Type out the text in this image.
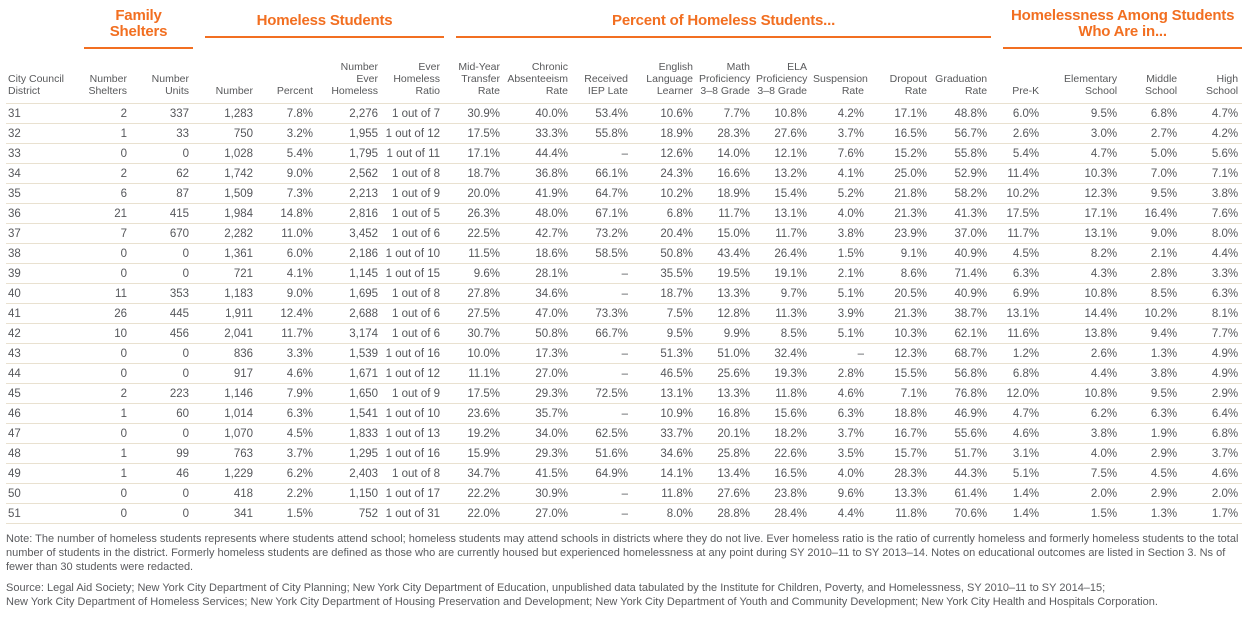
Family Shelters		Homeless Students				Percent of Homeless Students...									Homelessness Among Students Who Are in...			

City Council District	Number Shelters	Number Units	Number	Percent	Number Ever Homeless	Ever Homeless Ratio	Mid-Year Transfer Rate	Chronic Absenteeism Rate	Received IEP Late	English Language Learner	Math Proficiency 3–8 Grade	ELA Proficiency 3–8 Grade	Suspension Rate	Dropout Rate	Graduation Rate	Pre-K	Elementary School	Middle School	High School
31	2	337	1,283	7.8%	2,276	1 out of 7	30.9%	40.0%	53.4%	10.6%	7.7%	10.8%	4.2%	17.1%	48.8%	6.0%	9.5%	6.8%	4.7%
32	1	33	750	3.2%	1,955	1 out of 12	17.5%	33.3%	55.8%	18.9%	28.3%	27.6%	3.7%	16.5%	56.7%	2.6%	3.0%	2.7%	4.2%
33	0	0	1,028	5.4%	1,795	1 out of 11	17.1%	44.4%	–	12.6%	14.0%	12.1%	7.6%	15.2%	55.8%	5.4%	4.7%	5.0%	5.6%
34	2	62	1,742	9.0%	2,562	1 out of 8	18.7%	36.8%	66.1%	24.3%	16.6%	13.2%	4.1%	25.0%	52.9%	11.4%	10.3%	7.0%	7.1%
35	6	87	1,509	7.3%	2,213	1 out of 9	20.0%	41.9%	64.7%	10.2%	18.9%	15.4%	5.2%	21.8%	58.2%	10.2%	12.3%	9.5%	3.8%
36	21	415	1,984	14.8%	2,816	1 out of 5	26.3%	48.0%	67.1%	6.8%	11.7%	13.1%	4.0%	21.3%	41.3%	17.5%	17.1%	16.4%	7.6%
37	7	670	2,282	11.0%	3,452	1 out of 6	22.5%	42.7%	73.2%	20.4%	15.0%	11.7%	3.8%	23.9%	37.0%	11.7%	13.1%	9.0%	8.0%
38	0	0	1,361	6.0%	2,186	1 out of 10	11.5%	18.6%	58.5%	50.8%	43.4%	26.4%	1.5%	9.1%	40.9%	4.5%	8.2%	2.1%	4.4%
39	0	0	721	4.1%	1,145	1 out of 15	9.6%	28.1%	–	35.5%	19.5%	19.1%	2.1%	8.6%	71.4%	6.3%	4.3%	2.8%	3.3%
40	11	353	1,183	9.0%	1,695	1 out of 8	27.8%	34.6%	–	18.7%	13.3%	9.7%	5.1%	20.5%	40.9%	6.9%	10.8%	8.5%	6.3%
41	26	445	1,911	12.4%	2,688	1 out of 6	27.5%	47.0%	73.3%	7.5%	12.8%	11.3%	3.9%	21.3%	38.7%	13.1%	14.4%	10.2%	8.1%
42	10	456	2,041	11.7%	3,174	1 out of 6	30.7%	50.8%	66.7%	9.5%	9.9%	8.5%	5.1%	10.3%	62.1%	11.6%	13.8%	9.4%	7.7%
43	0	0	836	3.3%	1,539	1 out of 16	10.0%	17.3%	–	51.3%	51.0%	32.4%	–	12.3%	68.7%	1.2%	2.6%	1.3%	4.9%
44	0	0	917	4.6%	1,671	1 out of 12	11.1%	27.0%	–	46.5%	25.6%	19.3%	2.8%	15.5%	56.8%	6.8%	4.4%	3.8%	4.9%
45	2	223	1,146	7.9%	1,650	1 out of 9	17.5%	29.3%	72.5%	13.1%	13.3%	11.8%	4.6%	7.1%	76.8%	12.0%	10.8%	9.5%	2.9%
46	1	60	1,014	6.3%	1,541	1 out of 10	23.6%	35.7%	–	10.9%	16.8%	15.6%	6.3%	18.8%	46.9%	4.7%	6.2%	6.3%	6.4%
47	0	0	1,070	4.5%	1,833	1 out of 13	19.2%	34.0%	62.5%	33.7%	20.1%	18.2%	3.7%	16.7%	55.6%	4.6%	3.8%	1.9%	6.8%
48	1	99	763	3.7%	1,295	1 out of 16	15.9%	29.3%	51.6%	34.6%	25.8%	22.6%	3.5%	15.7%	51.7%	3.1%	4.0%	2.9%	3.7%
49	1	46	1,229	6.2%	2,403	1 out of 8	34.7%	41.5%	64.9%	14.1%	13.4%	16.5%	4.0%	28.3%	44.3%	5.1%	7.5%	4.5%	4.6%
50	0	0	418	2.2%	1,150	1 out of 17	22.2%	30.9%	–	11.8%	27.6%	23.8%	9.6%	13.3%	61.4%	1.4%	2.0%	2.9%	2.0%
51	0	0	341	1.5%	752	1 out of 31	22.0%	27.0%	–	8.0%	28.8%	28.4%	4.4%	11.8%	70.6%	1.4%	1.5%	1.3%	1.7%

Note: The number of homeless students represents where students attend school; homeless students may attend schools in districts where they do not live. Ever homeless ratio is the ratio of currently homeless and formerly homeless students to the total number of students in the district. Formerly homeless students are defined as those who are currently housed but experienced homelessness at any point during SY 2010–11 to SY 2013–14. Notes on educational outcomes are listed in Section 3. Ns of fewer than 30 students were redacted.

Source: Legal Aid Society; New York City Department of City Planning; New York City Department of Education, unpublished data tabulated by the Institute for Children, Poverty, and Homelessness, SY 2010–11 to SY 2014–15;
New York City Department of Homeless Services; New York City Department of Housing Preservation and Development; New York City Department of Youth and Community Development; New York City Health and Hospitals Corporation.
